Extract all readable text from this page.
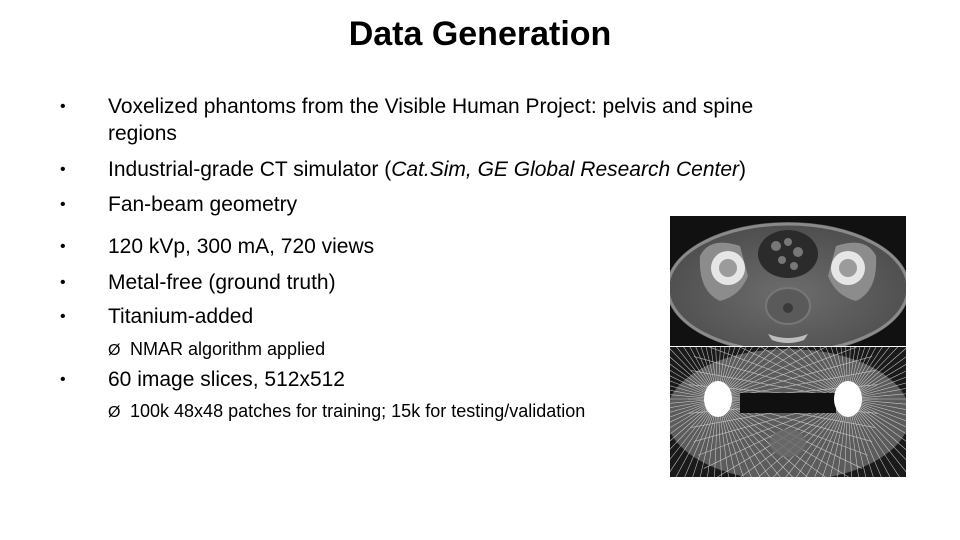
Data Generation
•	Voxelized phantoms from the Visible Human Project: pelvis and spine
regions
•	Industrial-grade CT simulator (Cat.Sim, GE Global Research Center)
•	Fan-beam geometry
•	120 kVp, 300 mA, 720 views
•	Metal-free (ground truth)
•	Titanium-added
Ø NMAR algorithm applied
•	60 image slices, 512x512
Ø 100k 48x48 patches for training; 15k for testing/validation
